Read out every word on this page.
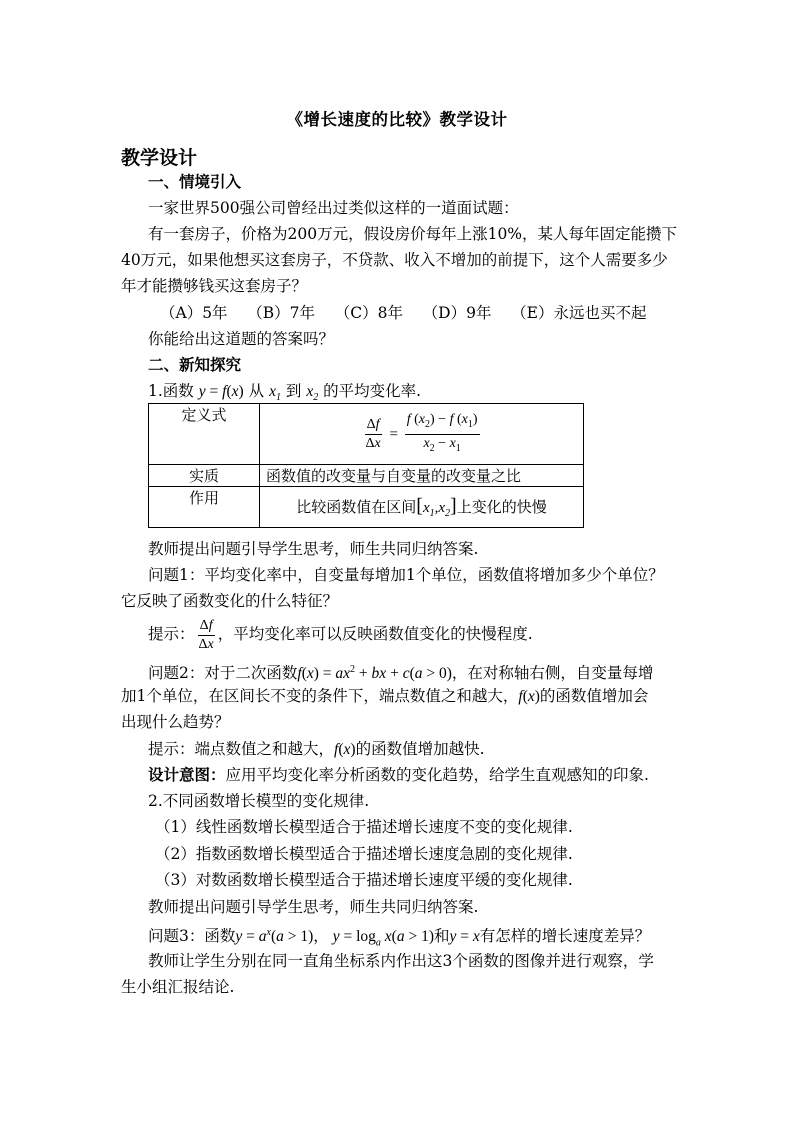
《增长速度的比较》教学设计
教学设计
一、情境引入
一家世界500强公司曾经出过类似这样的一道面试题：
有一套房子，价格为200万元，假设房价每年上涨10%，某人每年固定能攒下
40万元，如果他想买这套房子，不贷款、收入不增加的前提下，这个人需要多少
年才能攒够钱买这套房子？
（A）5年    （B）7年    （C）8年    （D）9年    （E）永远也买不起
你能给出这道题的答案吗？
二、新知探究
1.函数 y = f(x) 从 $x_1$ 到 $x_2$ 的平均变化率.
定义式	$\frac{\Delta f}{\Delta x} = \frac{f (x_2) - f (x_1)}{x_2 - x_1}$

实质	函数值的改变量与自变量的改变量之比
作用	比较函数值在区间$[x_1,x_2]$上变化的快慢
教师提出问题引导学生思考，师生共同归纳答案.
问题1：平均变化率中，自变量每增加1个单位，函数值将增加多少个单位？
它反映了函数变化的什么特征？
提示： $\frac{\Delta f}{\Delta x}$ ，平均变化率可以反映函数值变化的快慢程度.
问题2：对于二次函数$f(x) = ax^2$ + bx + c(a > 0)，在对称轴右侧，自变量每增
加1个单位，在区间长不变的条件下，端点数值之和越大，f(x)的函数值增加会
出现什么趋势？
提示：端点数值之和越大，f(x)的函数值增加越快.
设计意图：应用平均变化率分析函数的变化趋势，给学生直观感知的印象.
2.不同函数增长模型的变化规律.
（1）线性函数增长模型适合于描述增长速度不变的变化规律.
（2）指数函数增长模型适合于描述增长速度急剧的变化规律.
（3）对数函数增长模型适合于描述增长速度平缓的变化规律.
教师提出问题引导学生思考，师生共同归纳答案.
问题3：函数$y = a^x(a > 1)$， $y = \log_a x(a > 1)$和y = x有怎样的增长速度差异？
教师让学生分别在同一直角坐标系内作出这3个函数的图像并进行观察，学
生小组汇报结论.
